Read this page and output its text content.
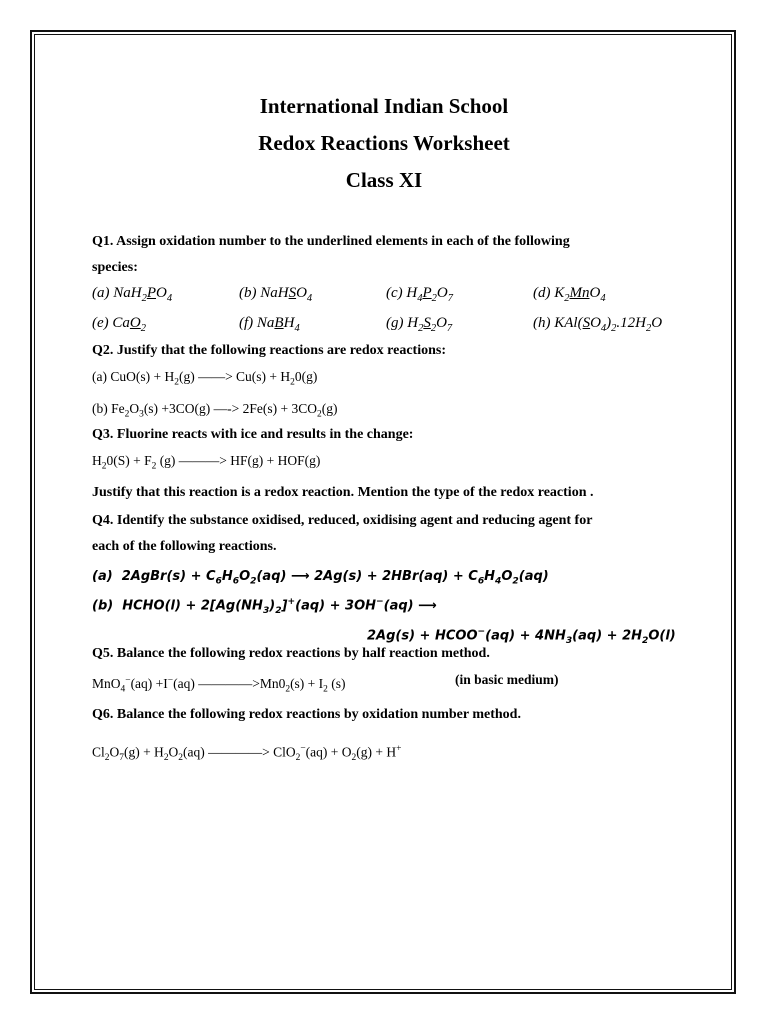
International Indian School
Redox Reactions Worksheet
Class XI
Q1. Assign oxidation number to the underlined elements in each of the following
species:
(a) $NaH_2PO_4$	(b) NaHSO$_4$	(c) $H_4P_2O_7$	(d) $K_2MnO_4$
(e) CaO$_2$	(f) NaBH$_4$	(g) $H_2S_2O_7$	(h) $KAl(SO_4)_2.12H_2O$
Q2. Justify that the following reactions are redox reactions:
(a) $CuO(s) + H_2(g)$ ——> $Cu(s) + H_20(g)$
(b) $Fe_2O_3(s) +3CO(g)$ —-> $2Fe(s) + 3CO_2(g)$
Q3. Fluorine reacts with ice and results in the change:
$H_20(S) + F_2$ (g) ———> HF(g) + HOF(g)
Justify that this reaction is a redox reaction. Mention the type of the redox reaction .
Q4. Identify the substance oxidised, reduced, oxidising agent and reducing agent for
each of the following reactions.
(a)  2AgBr(s) + $C_6H_6O_2(aq)$ ⟶ $2Ag(s) + 2HBr(aq) + C_6H_4O_2(aq)$
(b)  HCHO(l) + $2[Ag(NH_3)_2]^+(aq) + 3OH^-(aq)$ ⟶
2Ag(s) + HCOO−(aq) + $4NH_3(aq) + 2H_2O(l)$
Q5. Balance the following redox reactions by half reaction method.
MnO$_4$−(aq) +I−(aq) $————>Mn0_2(s) + I_2$ (s)	(in basic medium)
Q6. Balance the following redox reactions by oxidation number method.
$Cl_2O_7(g) + H_2O_2(aq)$ ————> $ClO_2^-(aq) + O_2(g) + H^+$
